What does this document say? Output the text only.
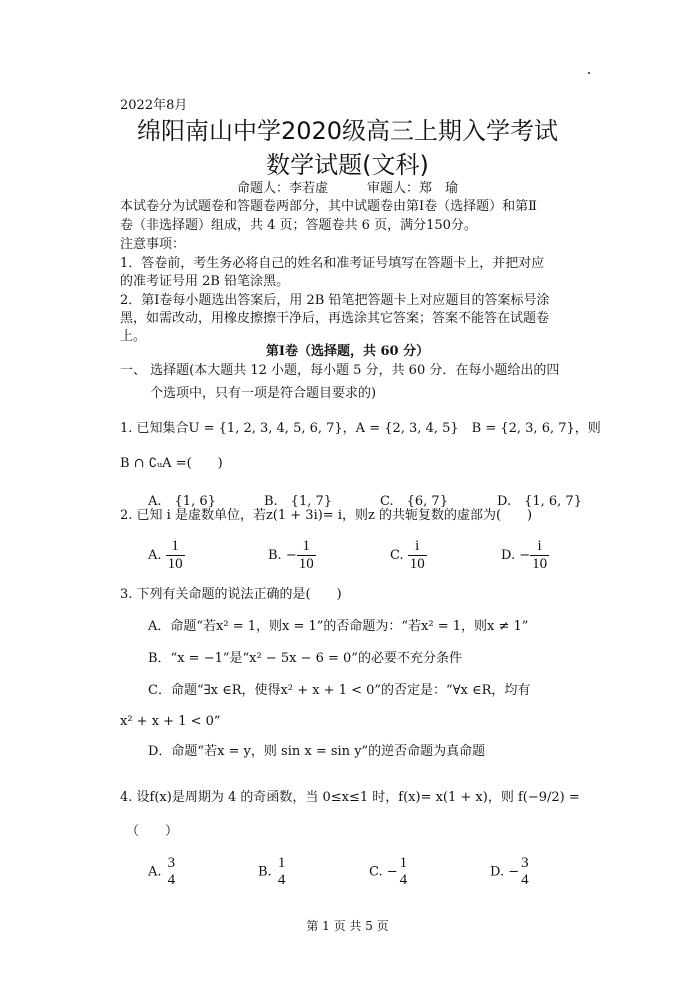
2022年8月
绵阳南山中学2020级高三上期入学考试
数学试题(文科)
命题人：李若虚　　　审题人：郑　瑜
本试卷分为试题卷和答题卷两部分，其中试题卷由第Ⅰ卷（选择题）和第Ⅱ
卷（非选择题）组成，共 4 页；答题卷共 6 页，满分150分。
注意事项：
1．答卷前，考生务必将自己的姓名和准考证号填写在答题卡上，并把对应
的准考证号用 2B 铅笔涂黑。
2．第Ⅰ卷每小题选出答案后，用 2B 铅笔把答题卡上对应题目的答案标号涂
黑，如需改动，用橡皮擦擦干净后，再选涂其它答案；答案不能答在试题卷
上。
第Ⅰ卷（选择题，共 60 分）
一、 选择题(本大题共 12 小题，每小题 5 分，共 60 分．在每小题给出的四
个选项中，只有一项是符合题目要求的)
1. 已知集合U = {1, 2, 3, 4, 5, 6, 7}，A = {2, 3, 4, 5}　B = {2, 3, 6, 7}，则
B ∩ ∁ᵤA =(　　)
A.　{1, 6}	B.　{1, 7}	C.　{6, 7}	D.　{1, 6, 7}
2. 已知 i 是虚数单位，若z(1 + 3i)= i，则z 的共轭复数的虚部为(　　)
A. $\frac{1}{10}$	B. − $\frac{1}{10}$	C. $\frac{i}{10}$	D. − $\frac{i}{10}$
3. 下列有关命题的说法正确的是(　　)
A．命题“若x² = 1，则x = 1”的否命题为：“若x² = 1，则x ≠ 1”
B．“x = −1”是“x² − 5x − 6 = 0”的必要不充分条件
C．命题“∃x ∈R，使得x² + x + 1 < 0”的否定是：“∀x ∈R，均有
x² + x + 1 < 0”
D．命题“若x = y，则 sin x = sin y”的逆否命题为真命题
4. 设f(x)是周期为 4 的奇函数，当 0≤x≤1 时，f(x)= x(1 + x)，则 f(−9/2) =
（　　）
A.
3
4	B.
1
4	C. −
1
4	D. −
3
4
第 1 页 共 5 页
